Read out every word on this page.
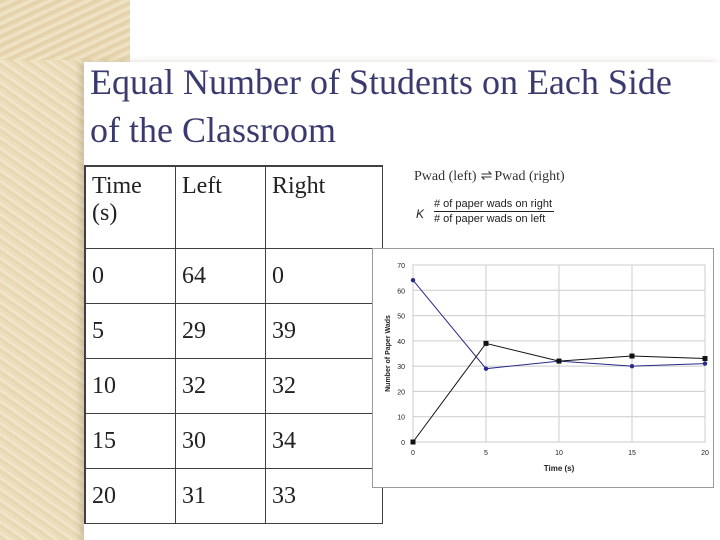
Equal Number of Students on Each Side of the Classroom
Time (s)	Left	Right
0	64	0
5	29	39
10	32	32
15	30	34
20	31	33
Pwad (left) ⇌ Pwad (right)
K
# of paper wads on right
# of paper wads on left
0
10
20
30
40
50
60
70
0	5	10	15	20
Time (s)
Number of Paper Wads
